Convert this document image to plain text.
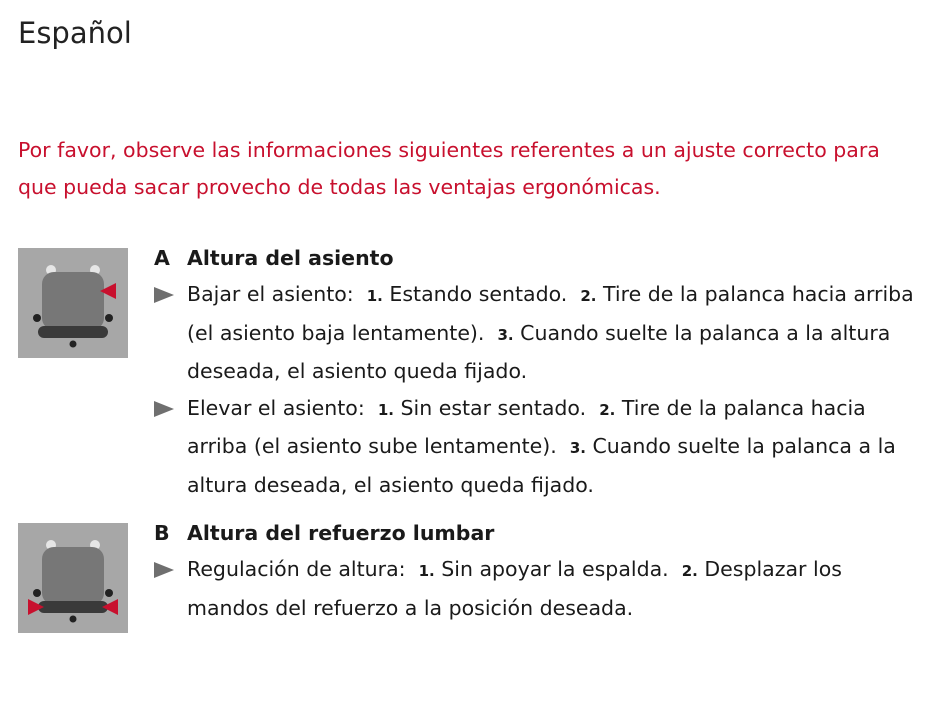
Español

Por favor, observe las informaciones siguientes referentes a un ajuste correcto para que pueda sacar provecho de todas las ventajas ergonómicas.

A Altura del asiento
Bajar el asiento: 1. Estando sentado. 2. Tire de la palanca hacia arriba (el asiento baja lentamente). 3. Cuando suelte la palanca a la altura deseada, el asiento queda fijado.
Elevar el asiento: 1. Sin estar sentado. 2. Tire de la palanca hacia arriba (el asiento sube lentamente). 3. Cuando suelte la palanca a la altura deseada, el asiento queda fijado.
B Altura del refuerzo lumbar
Regulación de altura: 1. Sin apoyar la espalda. 2. Desplazar los mandos del refuerzo a la posición deseada.
